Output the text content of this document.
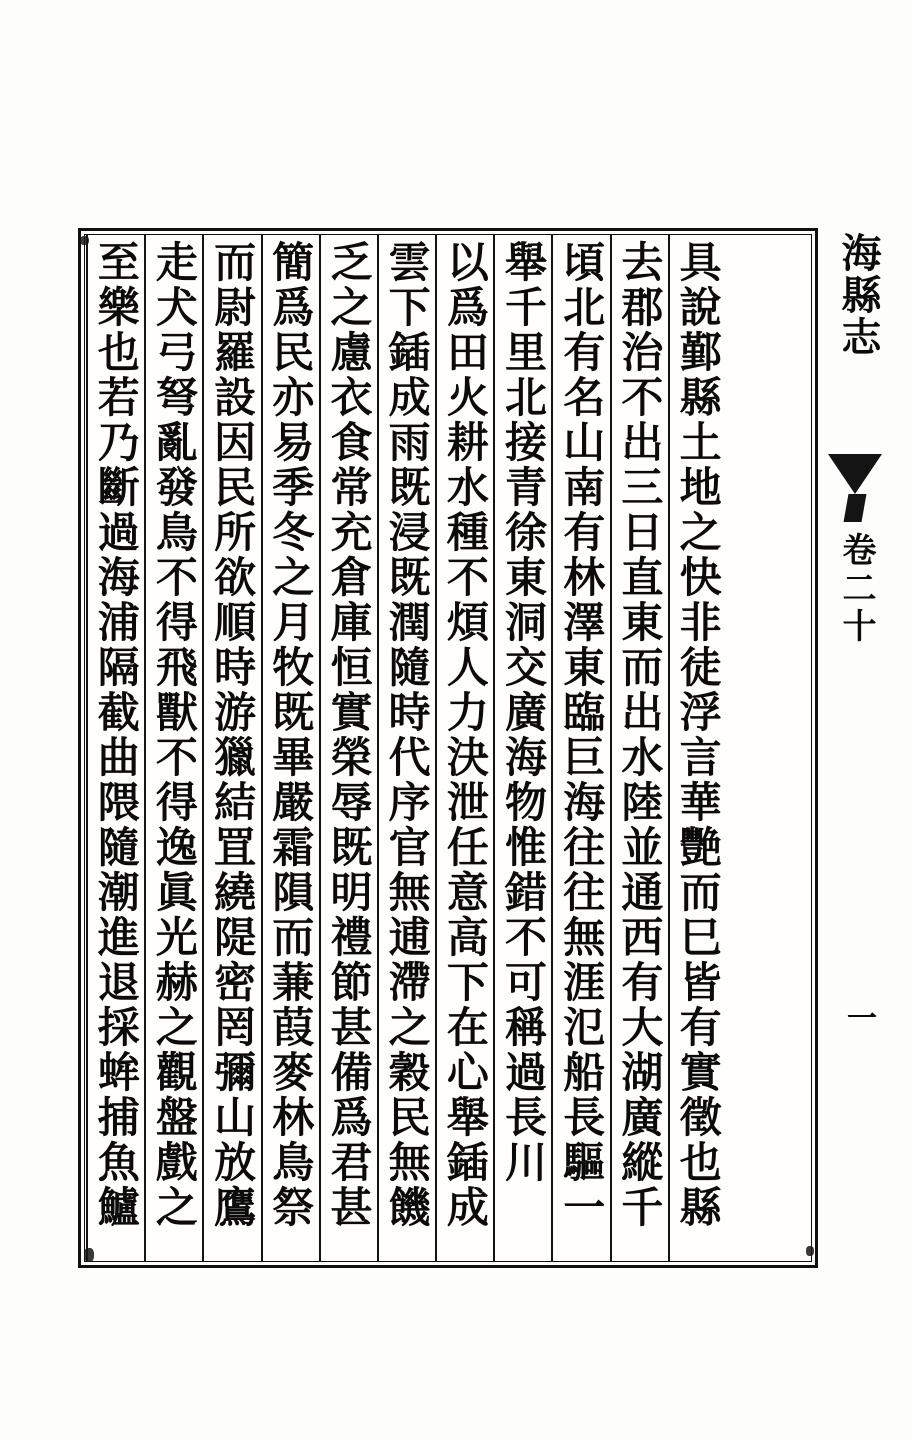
具說鄞縣土地之快非徒浮言華艷而巳皆有實徵也縣
去郡治不出三日直東而出水陸並通西有大湖廣縱千
頃北有名山南有林澤東臨巨海往往無涯氾船長驅一
舉千里北接青徐東洞交廣海物惟錯不可稱過長川
以爲田火耕水種不煩人力決泄任意高下在心舉鍤成
雲下鍤成雨既浸既潤隨時代序官無逋滯之穀民無饑
乏之慮衣食常充倉庫恒實榮辱既明禮節甚備爲君甚
簡爲民亦易季冬之月牧既畢嚴霜隕而蒹葭麥林鳥祭
而尉羅設因民所欲順時游獵結罝繞隄密罔彌山放鷹
走犬弓弩亂發鳥不得飛獸不得逸眞光赫之觀盤戲之
至樂也若乃斷過海浦隔截曲隈隨潮進退採蛑捕魚鱸	海縣志
卷二十
一
